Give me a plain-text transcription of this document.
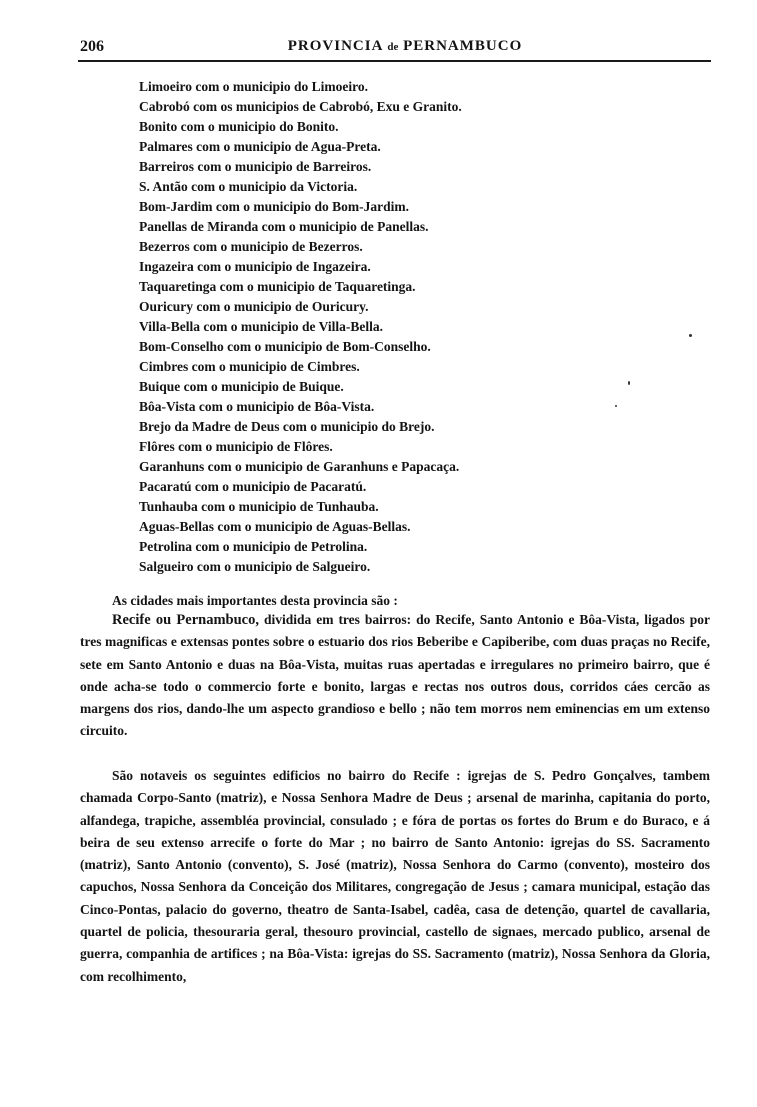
206	PROVINCIA de PERNAMBUCO
Limoeiro com o municipio do Limoeiro.
Cabrobó com os municipios de Cabrobó, Exu e Granito.
Bonito com o municipio do Bonito.
Palmares com o municipio de Agua-Preta.
Barreiros com o municipio de Barreiros.
S. Antão com o municipio da Victoria.
Bom-Jardim com o municipio do Bom-Jardim.
Panellas de Miranda com o municipio de Panellas.
Bezerros com o municipio de Bezerros.
Ingazeira com o municipio de Ingazeira.
Taquaretinga com o municipio de Taquaretinga.
Ouricury com o municipio de Ouricury.
Villa-Bella com o municipio de Villa-Bella.
Bom-Conselho com o municipio de Bom-Conselho.
Cimbres com o municipio de Cimbres.
Buique com o municipio de Buique.
Bôa-Vista com o municipio de Bôa-Vista.
Brejo da Madre de Deus com o municipio do Brejo.
Flôres com o municipio de Flôres.
Garanhuns com o municipio de Garanhuns e Papacaça.
Pacaratú com o municipio de Pacaratú.
Tunhauba com o municipio de Tunhauba.
Aguas-Bellas com o municipio de Aguas-Bellas.
Petrolina com o municipio de Petrolina.
Salgueiro com o municipio de Salgueiro.

As cidades mais importantes desta provincia são :

Recife ou Pernambuco, dividida em tres bairros: do Recife, Santo Antonio e Bôa-Vista, ligados por tres magnificas e extensas pontes sobre o estuario dos rios Beberibe e Capiberibe, com duas praças no Recife, sete em Santo Antonio e duas na Bôa-Vista, muitas ruas apertadas e irregulares no primeiro bairro, que é onde acha-se todo o commercio forte e bonito, largas e rectas nos outros dous, corridos cáes cercão as margens dos rios, dando-lhe um aspecto grandioso e bello ; não tem morros nem eminencias em um extenso circuito.

São notaveis os seguintes edificios no bairro do Recife : igrejas de S. Pedro Gonçalves, tambem chamada Corpo-Santo (matriz), e Nossa Senhora Madre de Deus ; arsenal de marinha, capitania do porto, alfandega, trapiche, assembléa provincial, consulado ; e fóra de portas os fortes do Brum e do Buraco, e á beira de seu extenso arrecife o forte do Mar ; no bairro de Santo Antonio: igrejas do SS. Sacramento (matriz), Santo Antonio (convento), S. José (matriz), Nossa Senhora do Carmo (convento), mosteiro dos capuchos, Nossa Senhora da Conceição dos Militares, congregação de Jesus ; camara municipal, estação das Cinco-Pontas, palacio do governo, theatro de Santa-Isabel, cadêa, casa de detenção, quartel de cavallaria, quartel de policia, thesouraria geral, thesouro provincial, castello de signaes, mercado publico, arsenal de guerra, companhia de artifices ; na Bôa-Vista: igrejas do SS. Sacramento (matriz), Nossa Senhora da Gloria, com recolhimento,
